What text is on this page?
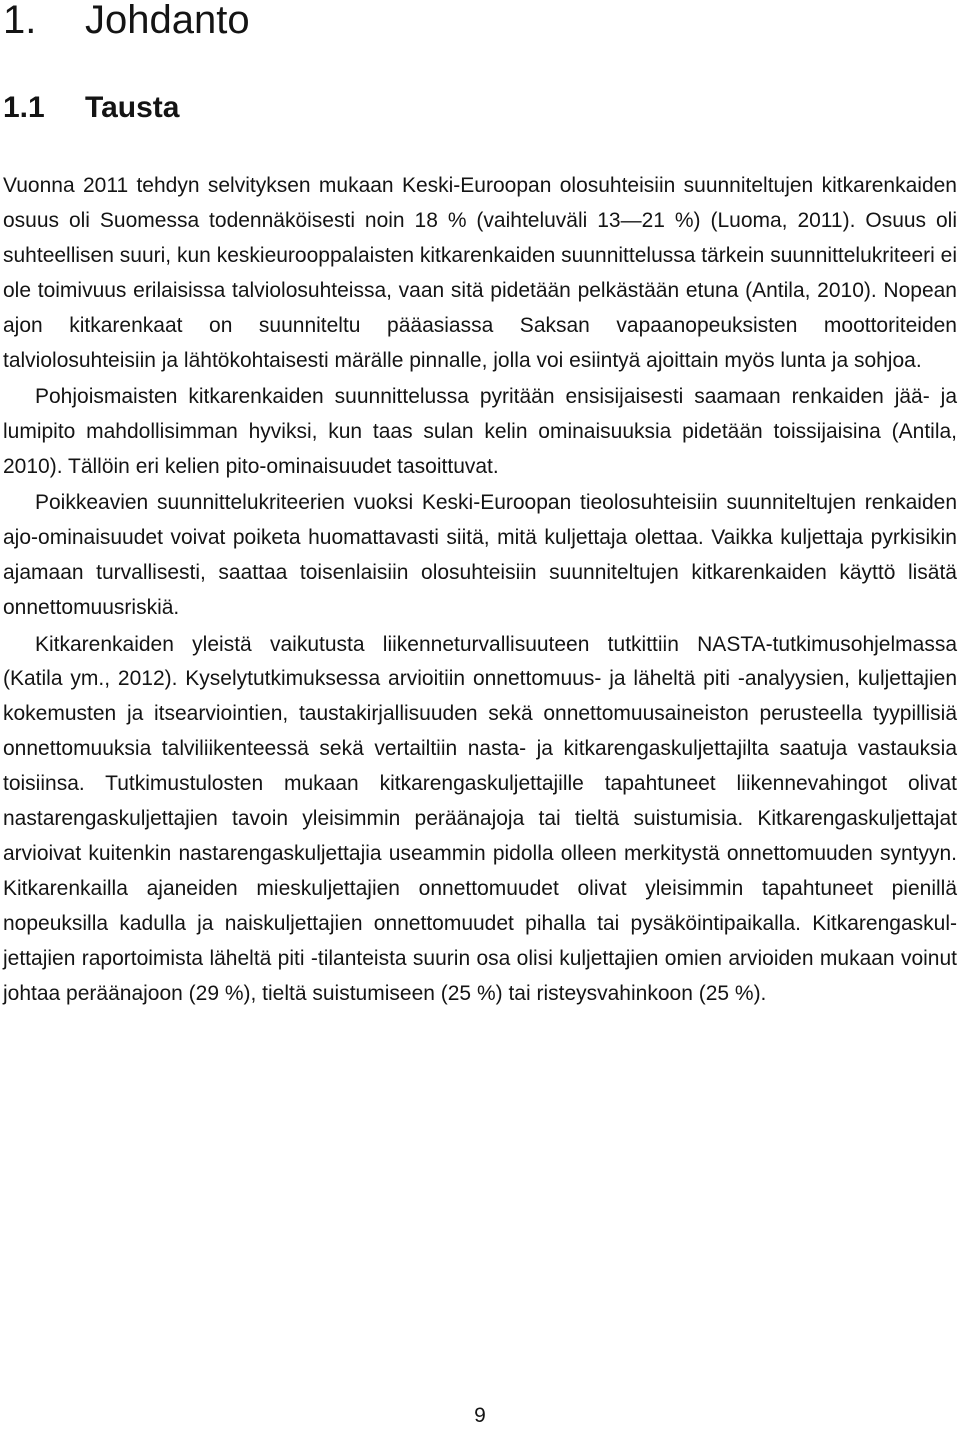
1. Johdanto
1.1 Tausta

Vuonna 2011 tehdyn selvityksen mukaan Keski-Euroopan olosuhteisiin suunniteltujen kitkarenkaiden osuus oli Suomessa todennäköisesti noin 18 % (vaihteluväli 13—21 %) (Luoma, 2011). Osuus oli suhteellisen suuri, kun keskieurooppalaisten kitkarenkaiden suunnittelussa tärkein suunnittelukriteeri ei ole toimivuus erilaisissa talviolosuhteissa, vaan sitä pidetään pelkästään etuna (Antila, 2010). Nopean ajon kitkarenkaat on suunniteltu pääasiassa Saksan vapaanopeuksisten moottoriteiden talviolosuhteisiin ja lähtökohtaisesti märälle pinnalle, jolla voi esiintyä ajoittain myös lunta ja sohjoa.

Pohjoismaisten kitkarenkaiden suunnittelussa pyritään ensisijaisesti saamaan renkaiden jää- ja lumipito mahdollisimman hyviksi, kun taas sulan kelin ominaisuuksia pidetään toissijaisina (Antila, 2010). Tällöin eri kelien pito-ominaisuudet tasoittuvat.

Poikkeavien suunnittelukriteerien vuoksi Keski-Euroopan tieolosuhteisiin suunniteltujen renkaiden ajo-ominaisuudet voivat poiketa huomattavasti siitä, mitä kuljettaja olettaa. Vaikka kuljettaja pyrkisikin ajamaan turvallisesti, saattaa toisenlaisiin olosuhteisiin suunniteltujen kitkarenkaiden käyttö lisätä onnettomuusriskiä.

Kitkarenkaiden yleistä vaikutusta liikenneturvallisuuteen tutkittiin NASTA-tutkimusohjelmassa (Katila ym., 2012). Kyselytutkimuksessa arvioitiin onnettomuus- ja läheltä piti -analyysien, kuljettajien kokemusten ja itsearviointien, taustakirjallisuuden sekä onnettomuusaineiston perusteella tyypillisiä onnettomuuksia talviliikenteessä sekä vertailtiin nasta- ja kitkarengaskuljettajilta saatuja vastauksia toisiinsa. Tutkimustulosten mukaan kitkarengaskuljettajille tapahtuneet liikennevahingot olivat nastarengaskuljettajien tavoin yleisimmin peräänajoja tai tieltä suistumisia. Kitkarengaskuljettajat arvioivat kuitenkin nastarengaskuljettajia useammin pidolla olleen merkitystä onnettomuuden syntyyn. Kitkarenkailla ajaneiden mieskuljettajien onnettomuudet olivat yleisimmin tapahtuneet pienillä nopeuksilla kadulla ja naiskuljettajien onnettomuudet pihalla tai pysäköintipaikalla. Kitkarengaskuljettajien raportoimista läheltä piti -tilanteista suurin osa olisi kuljettajien omien arvioiden mukaan voinut johtaa peräänajoon (29 %), tieltä suistumiseen (25 %) tai risteysvahinkoon (25 %).

9
